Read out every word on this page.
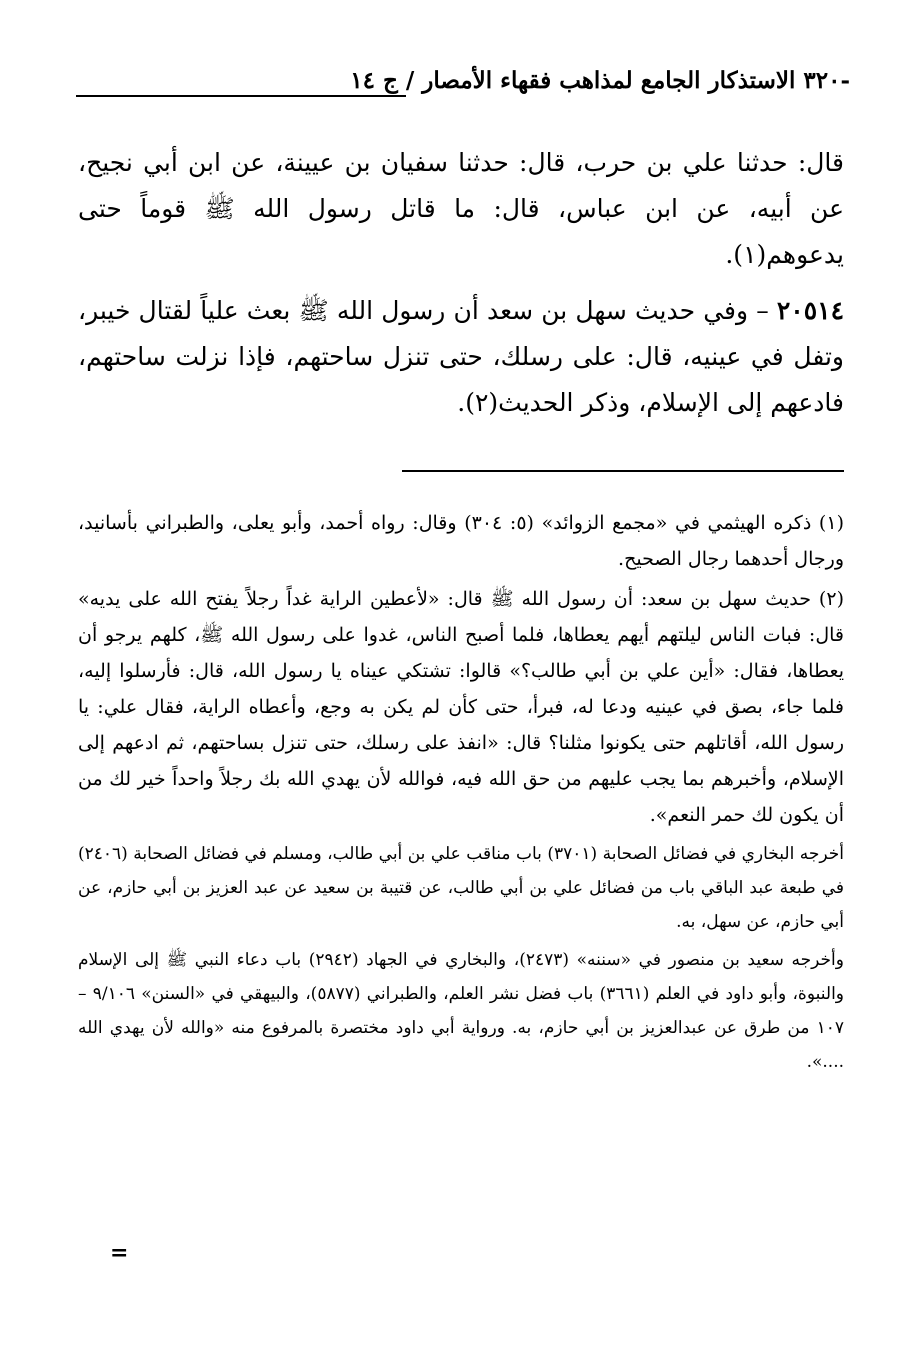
-٣٢٠ الاستذكار الجامع لمذاهب فقهاء الأمصار / ج ١٤

قال: حدثنا علي بن حرب، قال: حدثنا سفيان بن عيينة، عن ابن أبي نجيح، عن أبيه، عن ابن عباس، قال: ما قاتل رسول الله ﷺ قوماً حتى يدعوهم(١).

٢٠٥١٤ – وفي حديث سهل بن سعد أن رسول الله ﷺ بعث علياً لقتال خيبر، وتفل في عينيه، قال: على رسلك، حتى تنزل ساحتهم، فإذا نزلت ساحتهم، فادعهم إلى الإسلام، وذكر الحديث(٢).

(١) ذكره الهيثمي في «مجمع الزوائد» (٥: ٣٠٤) وقال: رواه أحمد، وأبو يعلى، والطبراني بأسانيد، ورجال أحدهما رجال الصحيح.

(٢) حديث سهل بن سعد: أن رسول الله ﷺ قال: «لأعطين الراية غداً رجلاً يفتح الله على يديه» قال: فبات الناس ليلتهم أيهم يعطاها، فلما أصبح الناس، غدوا على رسول الله ﷺ، كلهم يرجو أن يعطاها، فقال: «أين علي بن أبي طالب؟» قالوا: تشتكي عيناه يا رسول الله، قال: فأرسلوا إليه، فلما جاء، بصق في عينيه ودعا له، فبرأ، حتى كأن لم يكن به وجع، وأعطاه الراية، فقال علي: يا رسول الله، أقاتلهم حتى يكونوا مثلنا؟ قال: «انفذ على رسلك، حتى تنزل بساحتهم، ثم ادعهم إلى الإسلام، وأخبرهم بما يجب عليهم من حق الله فيه، فوالله لأن يهدي الله بك رجلاً واحداً خير لك من أن يكون لك حمر النعم».

أخرجه البخاري في فضائل الصحابة (٣٧٠١) باب مناقب علي بن أبي طالب، ومسلم في فضائل الصحابة (٢٤٠٦) في طبعة عبد الباقي باب من فضائل علي بن أبي طالب، عن قتيبة بن سعيد عن عبد العزيز بن أبي حازم، عن أبي حازم، عن سهل، به.

وأخرجه سعيد بن منصور في «سننه» (٢٤٧٣)، والبخاري في الجهاد (٢٩٤٢) باب دعاء النبي ﷺ إلى الإسلام والنبوة، وأبو داود في العلم (٣٦٦١) باب فضل نشر العلم، والطبراني (٥٨٧٧)، والبيهقي في «السنن» ٩/١٠٦ – ١٠٧ من طرق عن عبدالعزيز بن أبي حازم، به. ورواية أبي داود مختصرة بالمرفوع منه «والله لأن يهدي الله ....».

=
